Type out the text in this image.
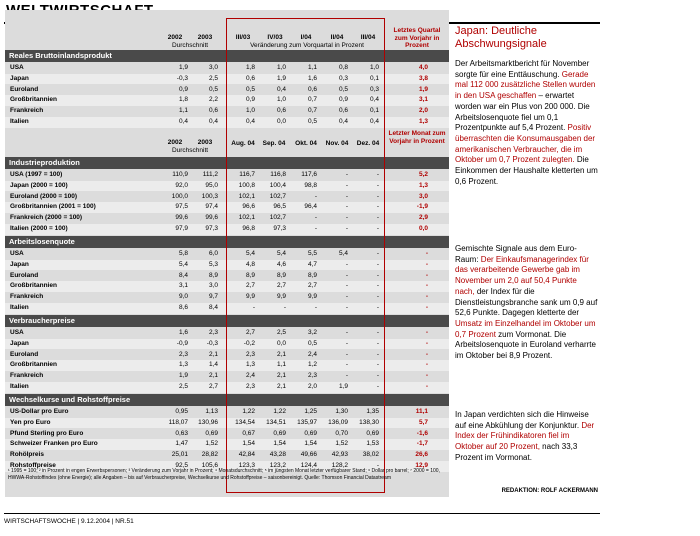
2002	2003
Durchschnitt
III/03	IV/03	I/04	II/04	III/04
Veränderung zum Vorquartal in Prozent
Letztes Quartal zum Vorjahr in Prozent
Reales Bruttoinlandsprodukt
USA	1,9	3,0	1,8	1,0	1,1	0,8	1,0	4,0
Japan	-0,3	2,5	0,6	1,9	1,6	0,3	0,1	3,8
Euroland	0,9	0,5	0,5	0,4	0,6	0,5	0,3	1,9
Großbritannien	1,8	2,2	0,9	1,0	0,7	0,9	0,4	3,1
Frankreich	1,1	0,6	1,0	0,6	0,7	0,6	0,1	2,0
Italien	0,4	0,4	0,4	0,0	0,5	0,4	0,4	1,3
2002	2003
Durchschnitt
Aug. 04	Sep. 04	Okt. 04	Nov. 04	Dez. 04
Letzter Monat zum Vorjahr in Prozent
Industrieproduktion
USA (1997 = 100)	110,9	111,2	116,7	116,8	117,6	-	-	5,2
Japan (2000 = 100)	92,0	95,0	100,8	100,4	98,8	-	-	1,3
Euroland (2000 = 100)	100,0	100,3	102,1	102,7	-	-	-	3,0
Großbritannien (2001 = 100)	97,5	97,4	96,6	96,5	96,4	-	-	-1,9
Frankreich (2000 = 100)	99,6	99,6	102,1	102,7	-	-	-	2,9
Italien (2000 = 100)	97,9	97,3	96,8	97,3	-	-	-	0,0
Arbeitslosenquote
USA	5,8	6,0	5,4	5,4	5,5	5,4	-	-
Japan	5,4	5,3	4,8	4,6	4,7	-	-	-
Euroland	8,4	8,9	8,9	8,9	8,9	-	-	-
Großbritannien	3,1	3,0	2,7	2,7	2,7	-	-	-
Frankreich	9,0	9,7	9,9	9,9	9,9	-	-	-
Italien	8,6	8,4	-	-	-	-	-	-
Verbraucherpreise
USA	1,6	2,3	2,7	2,5	3,2	-	-	-
Japan	-0,9	-0,3	-0,2	0,0	0,5	-	-	-
Euroland	2,3	2,1	2,3	2,1	2,4	-	-	-
Großbritannien	1,3	1,4	1,3	1,1	1,2	-	-	-
Frankreich	1,9	2,1	2,4	2,1	2,3	-	-	-
Italien	2,5	2,7	2,3	2,1	2,0	1,9	-	-
Wechselkurse und Rohstoffpreise
US-Dollar pro Euro	0,95	1,13	1,22	1,22	1,25	1,30	1,35	11,1
Yen pro Euro	118,07	130,96	134,54	134,51	135,97	136,09	138,30	5,7
Pfund Sterling pro Euro	0,63	0,69	0,67	0,69	0,69	0,70	0,69	-1,6
Schweizer Franken pro Euro	1,47	1,52	1,54	1,54	1,54	1,52	1,53	-1,7
Rohölpreis	25,01	28,82	42,84	43,28	49,66	42,93	38,02	26,6
Rohstoffpreise	92,5	105,6	123,3	123,2	124,4	128,2	-	12,9
¹ 1995 = 100; ² in Prozent in engen Erwerbspersonen; ³ Veränderung zum Vorjahr in Prozent; ⁴ Monatsdurchschnitt; ⁵ im jüngsten Monat letzter verfügbarer Stand; ⁶ Dollar pro barrel; ⁷ 2000 = 100, HWWA-Rohstoffindex (ohne Energie); alle Angaben – bis auf Verbraucherpreise, Wechselkurse und Rohstoffpreise – saisonbereinigt. Quelle: Thomson Financial Datastream
WIRTSCHAFTSWOCHE | 9.12.2004 | NR.51
Japan: Deutliche Abschwungsignale
Der Arbeitsmarktbericht für November sorgte für eine Enttäuschung. Gerade mal 112 000 zusätzliche Stellen wurden in den USA geschaffen – erwartet worden war ein Plus von 200 000. Die Arbeitslosenquote fiel um 0,1 Prozentpunkte auf 5,4 Prozent. Positiv überraschten die Konsumausgaben der amerikanischen Verbraucher, die im Oktober um 0,7 Prozent zulegten. Die Einkommen der Haushalte kletterten um 0,6 Prozent.
Gemischte Signale aus dem Euro-Raum: Der Einkaufsmanagerindex für das verarbeitende Gewerbe gab im November um 2,0 auf 50,4 Punkte nach, der Index für die Dienstleistungsbranche sank um 0,9 auf 52,6 Punkte. Dagegen kletterte der Umsatz im Einzelhandel im Oktober um 0,7 Prozent zum Vormonat. Die Arbeitslosenquote in Euroland verharrte im Oktober bei 8,9 Prozent.
In Japan verdichten sich die Hinweise auf eine Abkühlung der Konjunktur. Der Index der Frühindikatoren fiel im Oktober auf 20 Prozent, nach 33,3 Prozent im Vormonat.
REDAKTION: ROLF ACKERMANN
